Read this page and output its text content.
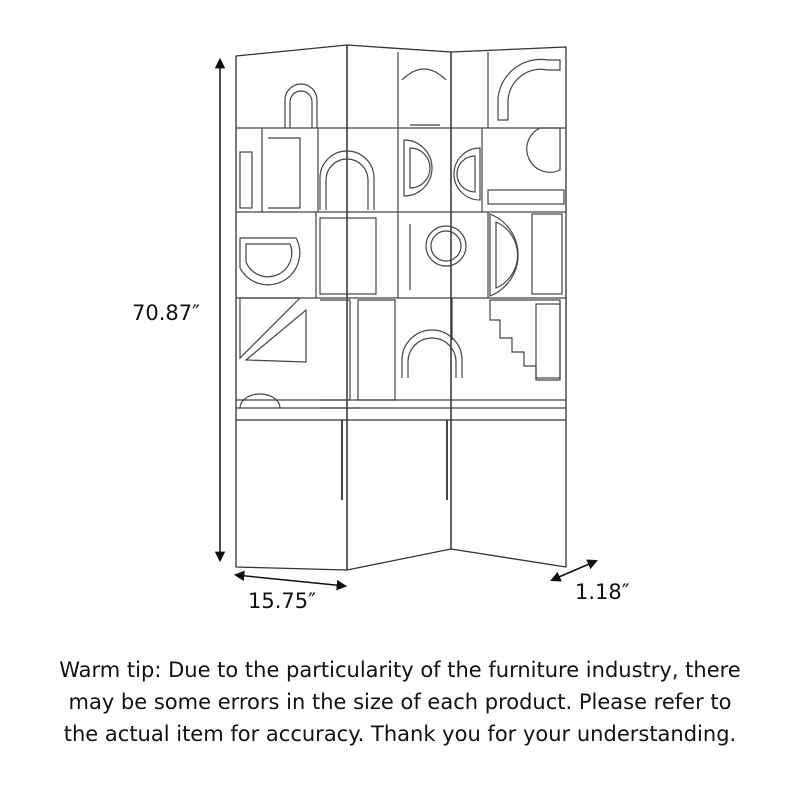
70.87″
15.75″	1.18″
Warm tip: Due to the particularity of the furniture industry, there
may be some errors in the size of each product. Please refer to
the actual item for accuracy. Thank you for your understanding.
